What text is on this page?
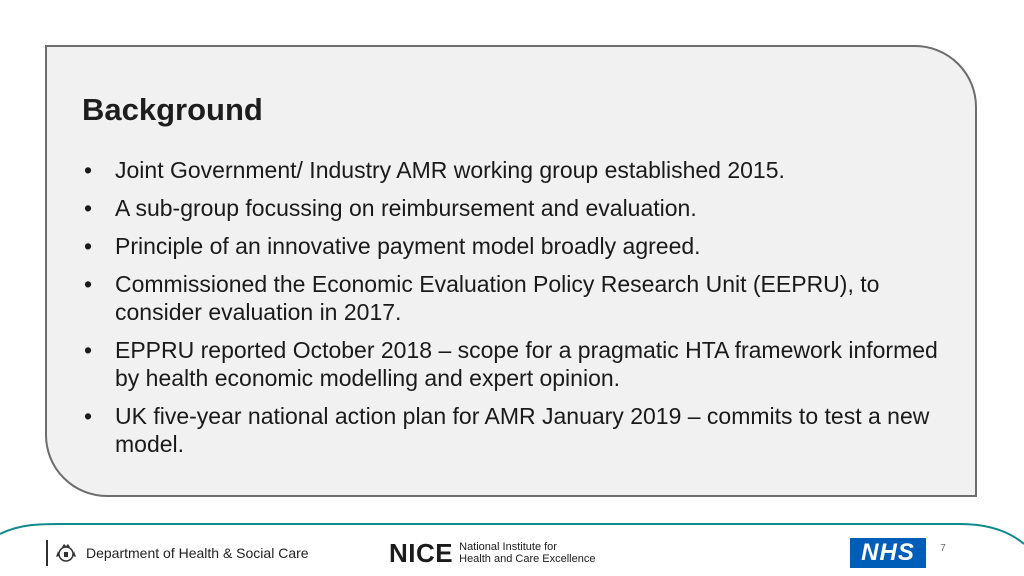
Background
• Joint Government/ Industry AMR working group established 2015.
• A sub-group focussing on reimbursement and evaluation.
• Principle of an innovative payment model broadly agreed.
• Commissioned the Economic Evaluation Policy Research Unit (EEPRU), to consider evaluation in 2017.
• EPPRU reported October 2018 – scope for a pragmatic HTA framework informed by health economic modelling and expert opinion.
• UK five-year national action plan for AMR January 2019 – commits to test a new model.
Department of Health & Social Care	NICE National Institute for
Health and Care Excellence	NHS	7
